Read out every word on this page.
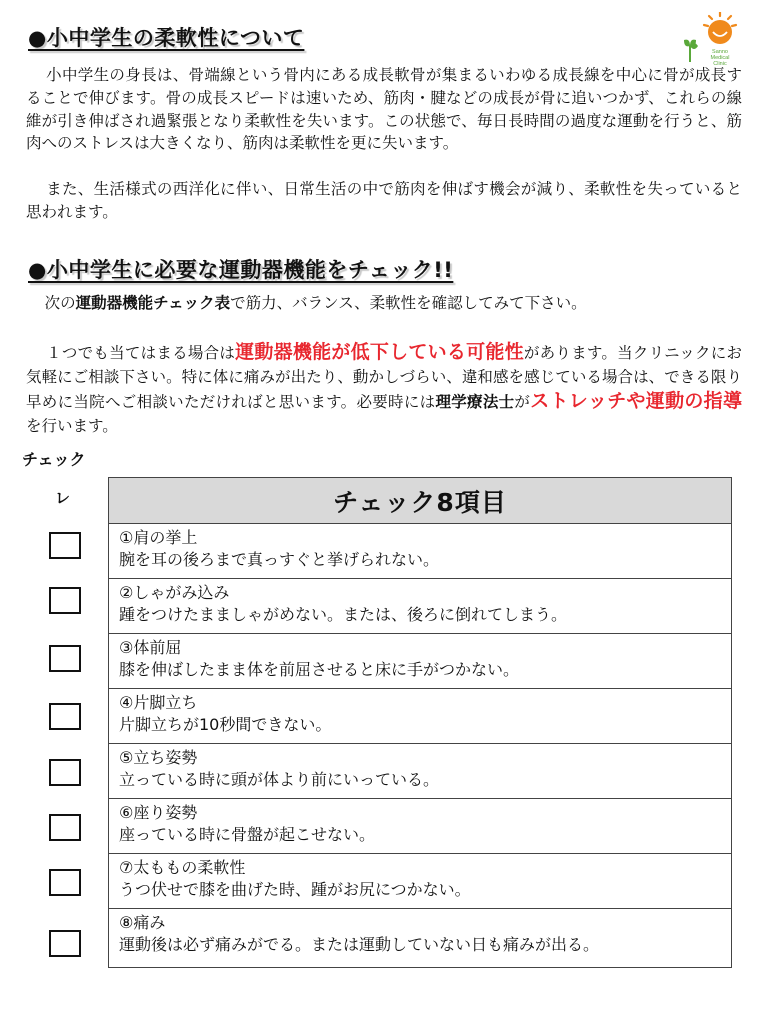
●小中学生の柔軟性について
Sanno
Medical
Clinic

小中学生の身長は、骨端線という骨内にある成長軟骨が集まるいわゆる成長線を中心に骨が成長することで伸びます。骨の成長スピードは速いため、筋肉・腱などの成長が骨に追いつかず、これらの線維が引き伸ばされ過緊張となり柔軟性を失います。この状態で、毎日長時間の過度な運動を行うと、筋肉へのストレスは大きくなり、筋肉は柔軟性を更に失います。

また、生活様式の西洋化に伴い、日常生活の中で筋肉を伸ばす機会が減り、柔軟性を失っていると思われます。

●小中学生に必要な運動器機能をチェック!!

次の運動器機能チェック表で筋力、バランス、柔軟性を確認してみて下さい。

１つでも当てはまる場合は運動器機能が低下している可能性があります。当クリニックにお気軽にご相談下さい。特に体に痛みが出たり、動かしづらい、違和感を感じている場合は、できる限り早めに当院へご相談いただければと思います。必要時には理学療法士がストレッチや運動の指導を行います。

チェック
レ	チェック8項目
①肩の挙上
腕を耳の後ろまで真っすぐと挙げられない。
②しゃがみ込み
踵をつけたまましゃがめない。または、後ろに倒れてしまう。
③体前屈
膝を伸ばしたまま体を前屈させると床に手がつかない。
④片脚立ち
片脚立ちが10秒間できない。
⑤立ち姿勢
立っている時に頭が体より前にいっている。
⑥座り姿勢
座っている時に骨盤が起こせない。
⑦太ももの柔軟性
うつ伏せで膝を曲げた時、踵がお尻につかない。
⑧痛み
運動後は必ず痛みがでる。または運動していない日も痛みが出る。
